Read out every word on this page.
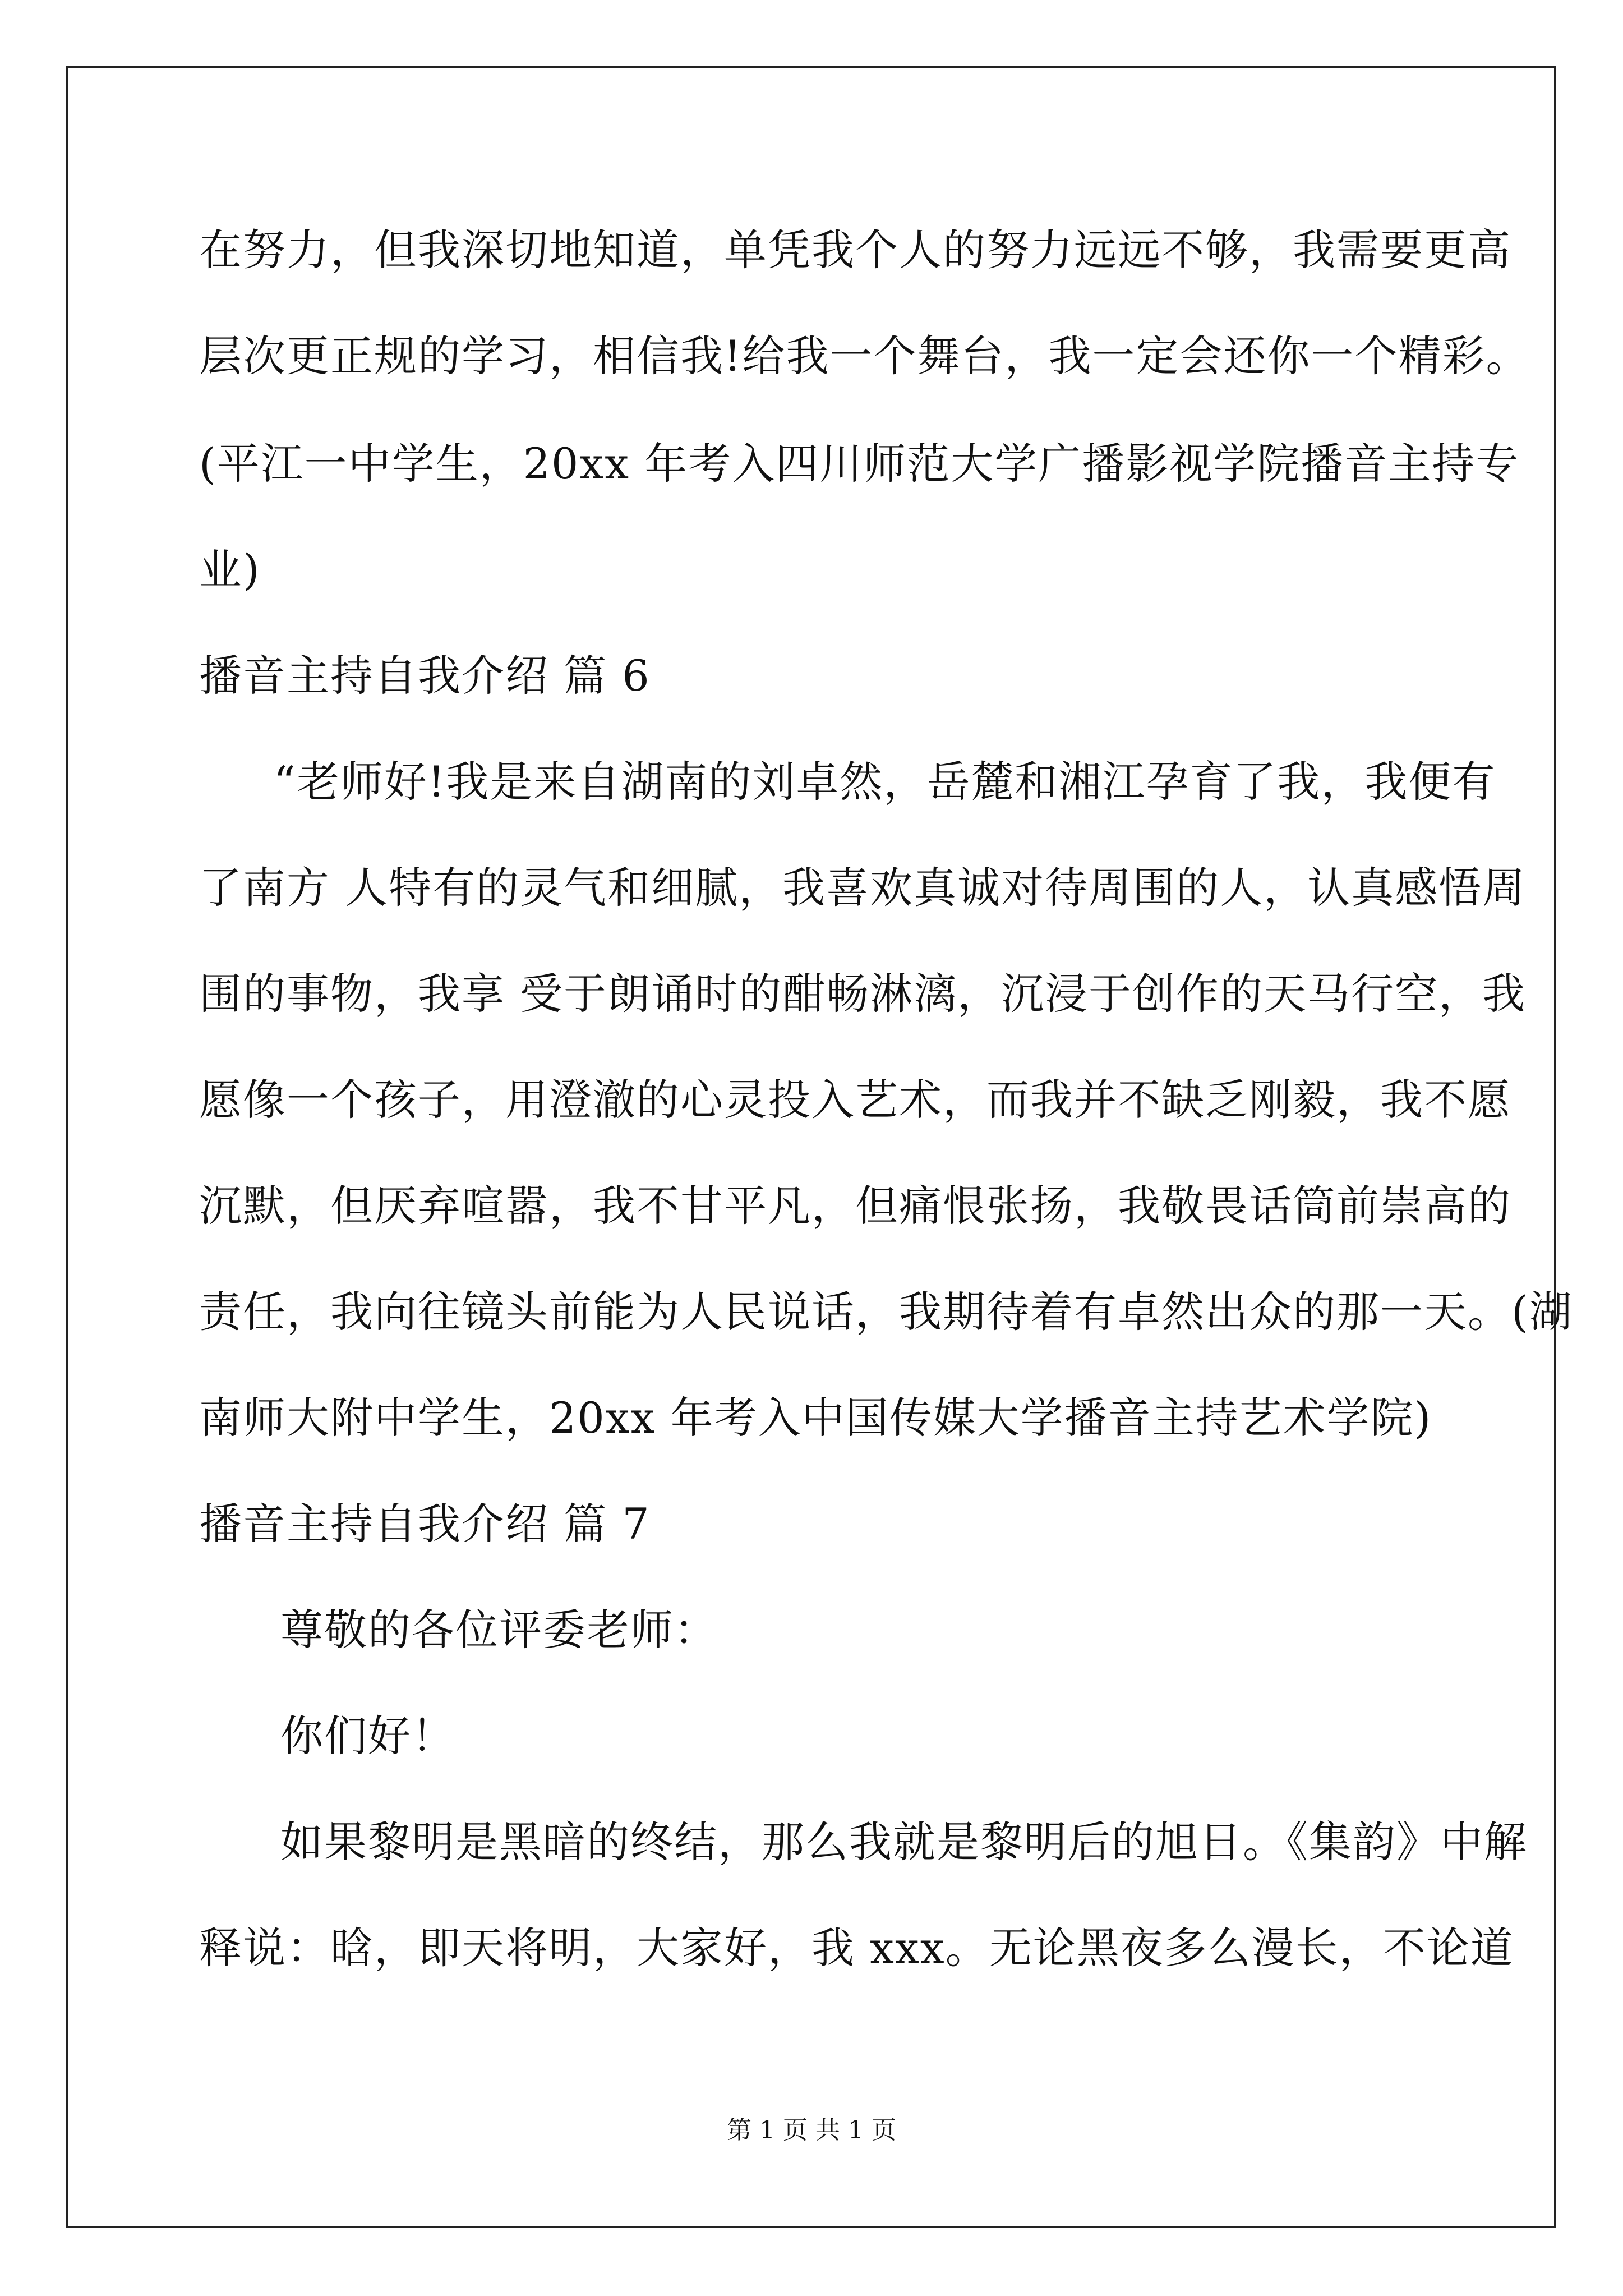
在努力，但我深切地知道，单凭我个人的努力远远不够，我需要更高
层次更正规的学习，相信我!给我一个舞台，我一定会还你一个精彩。
(平江一中学生，20xx 年考入四川师范大学广播影视学院播音主持专
业)
播音主持自我介绍 篇 6
“老师好!我是来自湖南的刘卓然，岳麓和湘江孕育了我，我便有
了南方 人特有的灵气和细腻，我喜欢真诚对待周围的人，认真感悟周
围的事物，我享 受于朗诵时的酣畅淋漓，沉浸于创作的天马行空，我
愿像一个孩子，用澄澈的心灵投入艺术，而我并不缺乏刚毅，我不愿
沉默，但厌弃喧嚣，我不甘平凡，但痛恨张扬，我敬畏话筒前崇高的
责任，我向往镜头前能为人民说话，我期待着有卓然出众的那一天。(湖
南师大附中学生，20xx 年考入中国传媒大学播音主持艺术学院)
播音主持自我介绍 篇 7
尊敬的各位评委老师：
你们好！
如果黎明是黑暗的终结，那么我就是黎明后的旭日。《集韵》中解
释说：晗，即天将明，大家好，我 xxx。无论黑夜多么漫长，不论道
第 1 页 共 1 页
